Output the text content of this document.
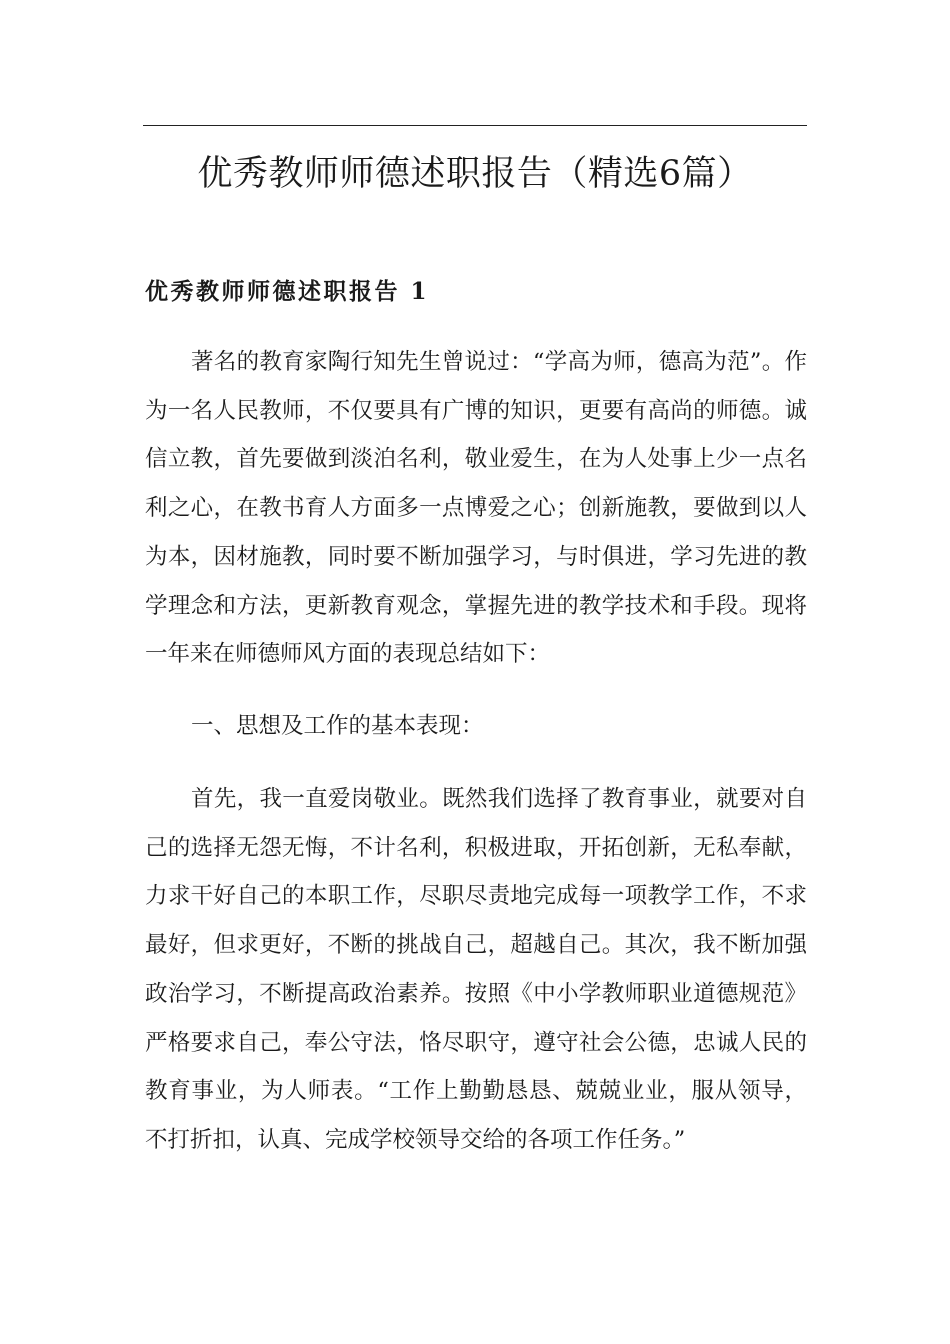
优秀教师师德述职报告（精选6篇）
优秀教师师德述职报告 1

著名的教育家陶行知先生曾说过：“学高为师，德高为范”。作为一名人民教师，不仅要具有广博的知识，更要有高尚的师德。诚信立教，首先要做到淡泊名利，敬业爱生，在为人处事上少一点名利之心，在教书育人方面多一点博爱之心；创新施教，要做到以人为本，因材施教，同时要不断加强学习，与时俱进，学习先进的教学理念和方法，更新教育观念，掌握先进的教学技术和手段。现将一年来在师德师风方面的表现总结如下：

一、思想及工作的基本表现：

首先，我一直爱岗敬业。既然我们选择了教育事业，就要对自己的选择无怨无悔，不计名利，积极进取，开拓创新，无私奉献，力求干好自己的本职工作，尽职尽责地完成每一项教学工作，不求最好，但求更好，不断的挑战自己，超越自己。其次，我不断加强政治学习，不断提高政治素养。按照《中小学教师职业道德规范》严格要求自己，奉公守法，恪尽职守，遵守社会公德，忠诚人民的教育事业，为人师表。“工作上勤勤恳恳、兢兢业业，服从领导，不打折扣，认真、完成学校领导交给的各项工作任务。”
